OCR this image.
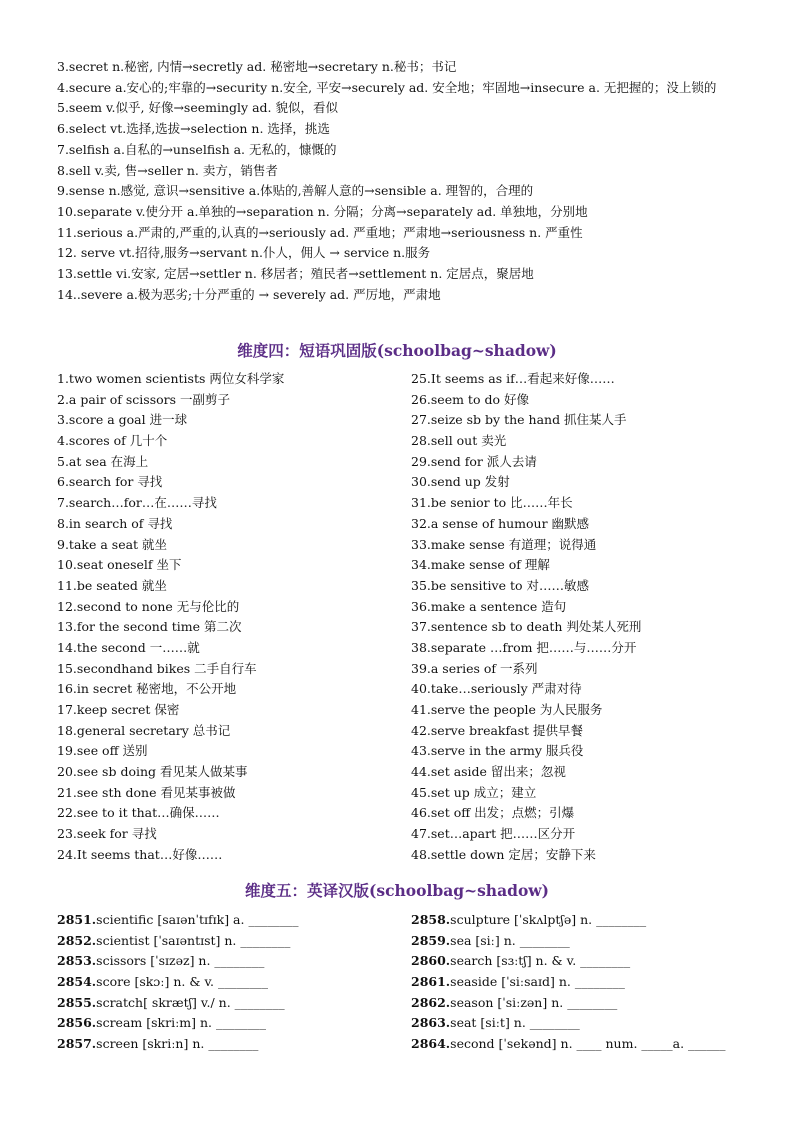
3.secret n.秘密, 内情→secretly ad. 秘密地→secretary n.秘书；书记
4.secure a.安心的;牢靠的→security n.安全, 平安→securely ad. 安全地；牢固地→insecure a. 无把握的；没上锁的
5.seem v.似乎, 好像→seemingly ad. 貌似，看似
6.select vt.选择,选拔→selection n. 选择，挑选
7.selfish a.自私的→unselfish a. 无私的，慷慨的
8.sell v.卖, 售→seller n. 卖方，销售者
9.sense n.感觉, 意识→sensitive a.体贴的,善解人意的→sensible a. 理智的，合理的
10.separate v.使分开 a.单独的→separation n. 分隔；分离→separately ad. 单独地，分别地
11.serious a.严肃的,严重的,认真的→seriously ad. 严重地；严肃地→seriousness n. 严重性
12. serve vt.招待,服务→servant n.仆人，佣人 → service n.服务
13.settle vi.安家, 定居→settler n. 移居者；殖民者→settlement n. 定居点，聚居地
14..severe a.极为恶劣;十分严重的 → severely ad. 严厉地，严肃地
维度四：短语巩固版(schoolbag~shadow)
1.two women scientists 两位女科学家
2.a pair of scissors 一副剪子
3.score a goal 进一球
4.scores of 几十个
5.at sea 在海上
6.search for 寻找
7.search…for…在……寻找
8.in search of 寻找
9.take a seat 就坐
10.seat oneself 坐下
11.be seated 就坐
12.second to none 无与伦比的
13.for the second time 第二次
14.the second 一……就
15.secondhand bikes 二手自行车
16.in secret 秘密地，不公开地
17.keep secret 保密
18.general secretary 总书记
19.see off 送别
20.see sb doing 看见某人做某事
21.see sth done 看见某事被做
22.see to it that…确保……
23.seek for 寻找
24.It seems that…好像……
25.It seems as if…看起来好像……
26.seem to do 好像
27.seize sb by the hand 抓住某人手
28.sell out 卖光
29.send for 派人去请
30.send up 发射
31.be senior to 比……年长
32.a sense of humour 幽默感
33.make sense 有道理；说得通
34.make sense of 理解
35.be sensitive to 对……敏感
36.make a sentence 造句
37.sentence sb to death 判处某人死刑
38.separate …from 把……与……分开
39.a series of 一系列
40.take…seriously 严肃对待
41.serve the people 为人民服务
42.serve breakfast 提供早餐
43.serve in the army 服兵役
44.set aside 留出来；忽视
45.set up 成立；建立
46.set off 出发；点燃；引爆
47.set…apart 把……区分开
48.settle down 定居；安静下来
维度五：英译汉版(schoolbag~shadow)
2851.scientific [saɪənˈtɪfɪk] a. ________
2852.scientist [ˈsaɪəntɪst] n. ________
2853.scissors [ˈsɪzəz] n. ________
2854.score [skɔː] n. & v. ________
2855.scratch[ skrætʃ] v./ n. ________
2856.scream [skriːm] n. ________
2857.screen [skriːn] n. ________
2858.sculpture [ˈskʌlptʃə] n. ________
2859.sea [siː] n. ________
2860.search [sɜːtʃ] n. & v. ________
2861.seaside [ˈsiːsaɪd] n. ________
2862.season [ˈsiːzən] n. ________
2863.seat [siːt] n. ________
2864.second [ˈsekənd] n. ____ num. _____a. ______
